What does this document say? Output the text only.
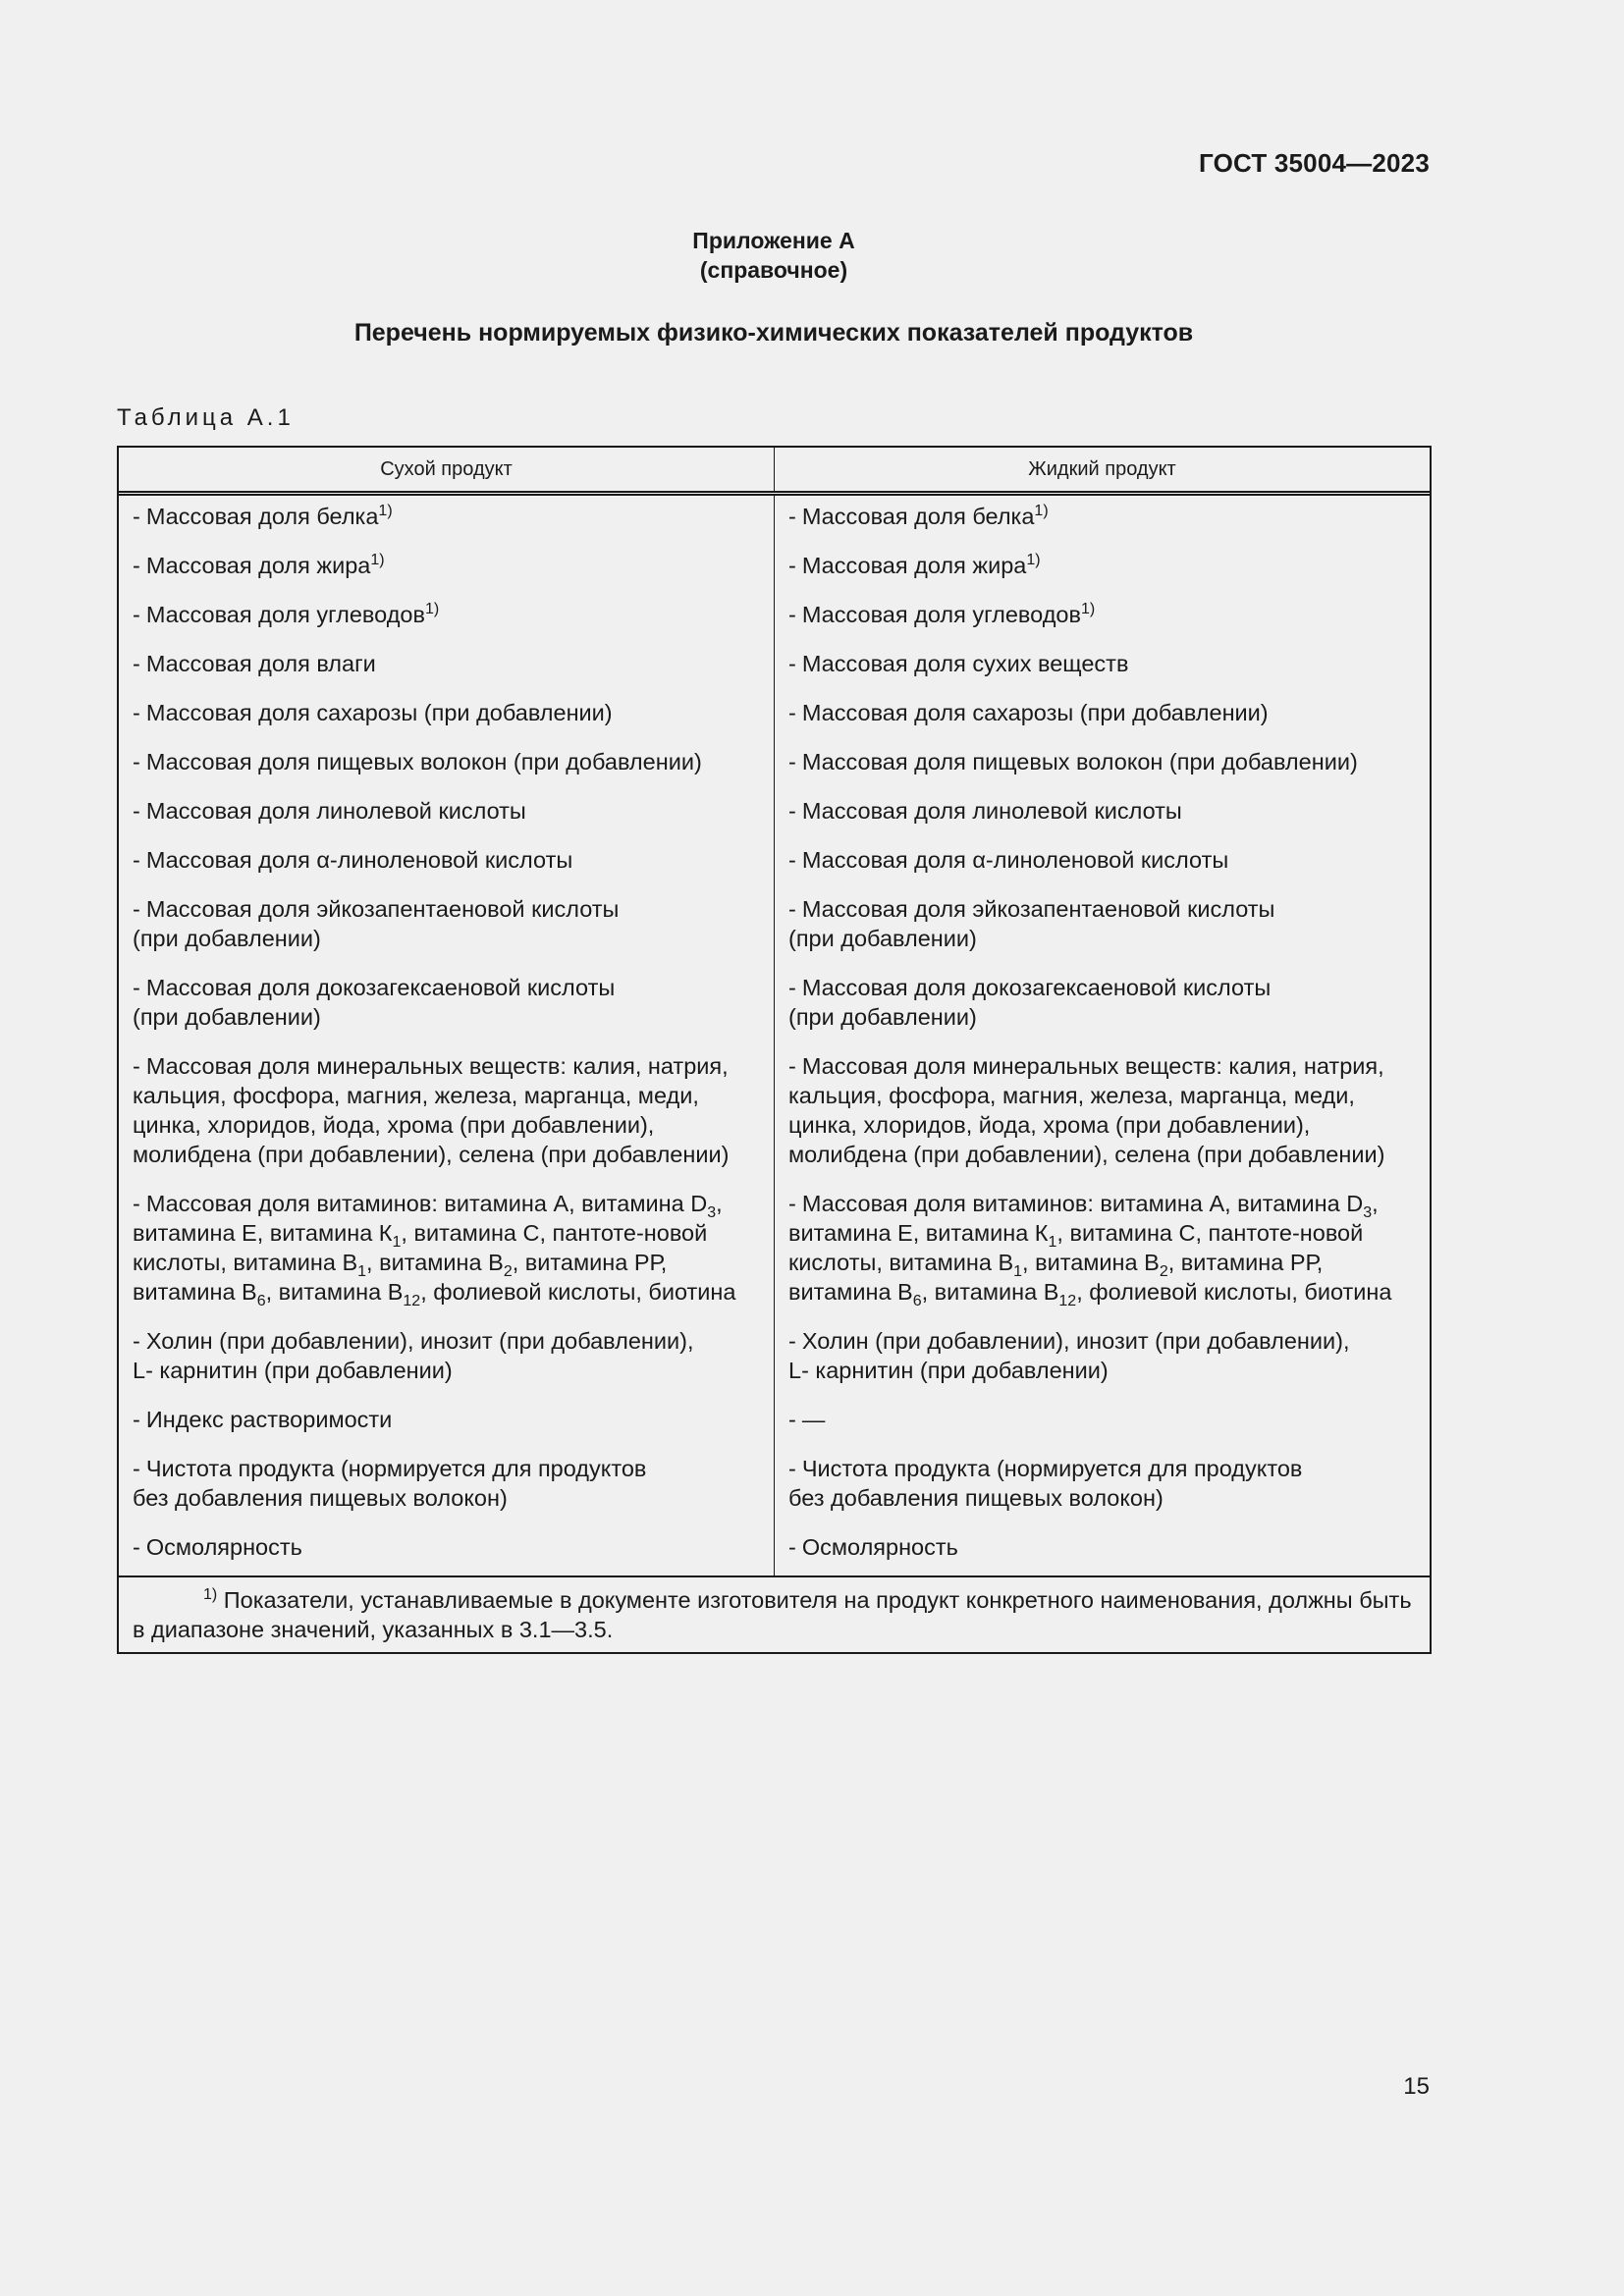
ГОСТ 35004—2023
Приложение А
(справочное)
Перечень нормируемых физико-химических показателей продуктов
Таблица А.1
Сухой продукт	Жидкий продукт
- Массовая доля белка$^{1)}$
- Массовая доля жира$^{1)}$
- Массовая доля углеводов$^{1)}$
- Массовая доля влаги
- Массовая доля сахарозы (при добавлении)
- Массовая доля пищевых волокон (при добавлении)
- Массовая доля линолевой кислоты
- Массовая доля α-линоленовой кислоты
- Массовая доля эйкозапентаеновой кислоты
(при добавлении)
- Массовая доля докозагексаеновой кислоты
(при добавлении)
- Массовая доля минеральных веществ: калия, натрия, кальция, фосфора, магния, железа, марганца, меди, цинка, хлоридов, йода, хрома (при добавлении), молибдена (при добавлении), селена (при добавлении)
- Массовая доля витаминов: витамина А, витамина $D_3$, витамина Е, витамина $К_1$, витамина С, пантоте-новой кислоты, витамина $В_1$, витамина $В_2$, витамина РР, витамина $В_6$, витамина $В_{12}$, фолиевой кислоты, биотина
- Холин (при добавлении), инозит (при добавлении),
L- карнитин (при добавлении)
- Индекс растворимости
- Чистота продукта (нормируется для продуктов
без добавления пищевых волокон)
- Осмолярность
- Массовая доля белка$^{1)}$
- Массовая доля жира$^{1)}$
- Массовая доля углеводов$^{1)}$
- Массовая доля сухих веществ
- Массовая доля сахарозы (при добавлении)
- Массовая доля пищевых волокон (при добавлении)
- Массовая доля линолевой кислоты
- Массовая доля α-линоленовой кислоты
- Массовая доля эйкозапентаеновой кислоты
(при добавлении)
- Массовая доля докозагексаеновой кислоты
(при добавлении)
- Массовая доля минеральных веществ: калия, натрия, кальция, фосфора, магния, железа, марганца, меди, цинка, хлоридов, йода, хрома (при добавлении), молибдена (при добавлении), селена (при добавлении)
- Массовая доля витаминов: витамина А, витамина $D_3$, витамина Е, витамина $К_1$, витамина С, пантоте-новой кислоты, витамина $В_1$, витамина $В_2$, витамина РР, витамина $В_6$, витамина $В_{12}$, фолиевой кислоты, биотина
- Холин (при добавлении), инозит (при добавлении),
L- карнитин (при добавлении)
- —
- Чистота продукта (нормируется для продуктов
без добавления пищевых волокон)
- Осмолярность
$^{1)}$ Показатели, устанавливаемые в документе изготовителя на продукт конкретного наименования, должны быть в диапазоне значений, указанных в 3.1—3.5.
15
